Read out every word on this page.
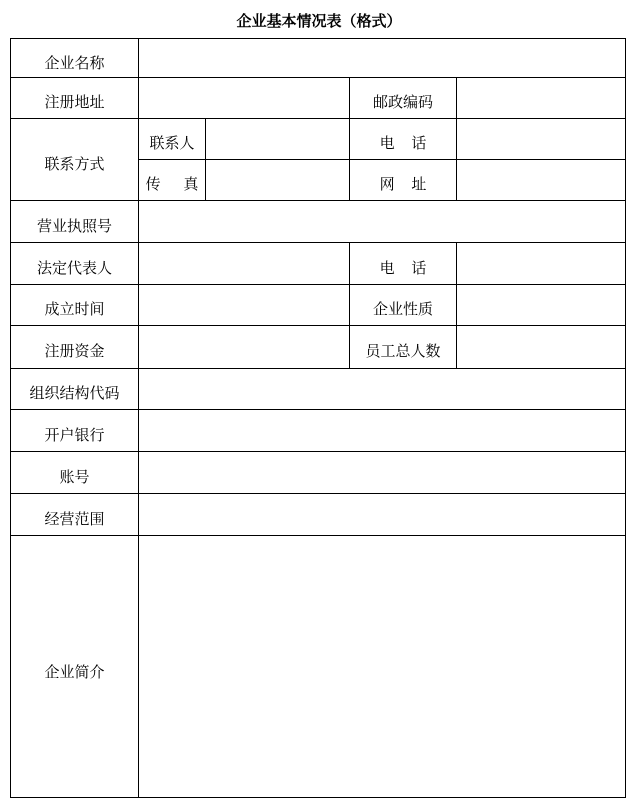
企业基本情况表（格式）
企业名称
注册地址	邮政编码
联系方式
联系人	电 话
传 真	网 址
营业执照号
法定代表人	电 话
成立时间	企业性质
注册资金	员工总人数
组织结构代码
开户银行
账号
经营范围
企业简介
